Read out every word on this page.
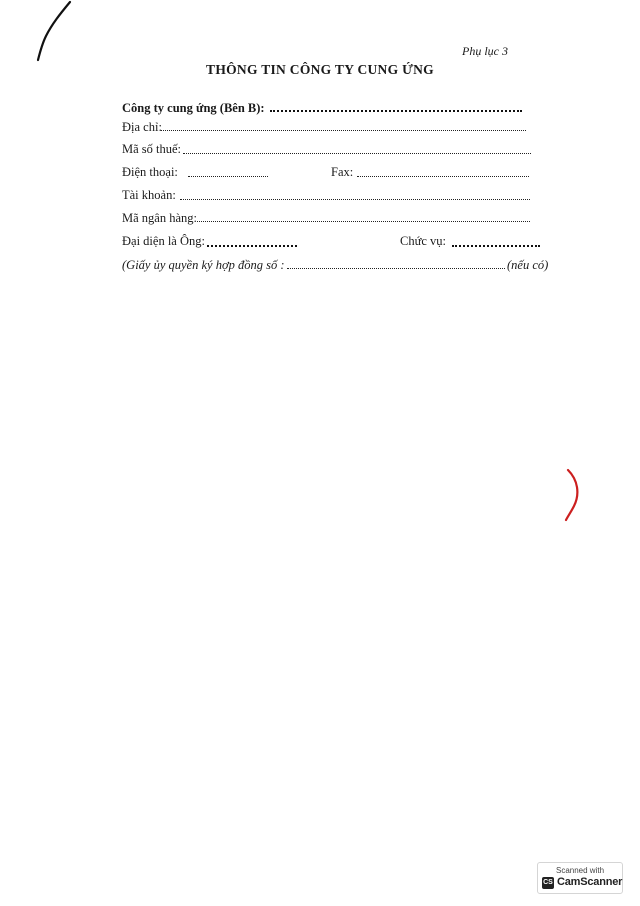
Phụ lục 3
THÔNG TIN CÔNG TY CUNG ỨNG
Công ty cung ứng (Bên B):
Địa chỉ:
Mã số thuế:
Điện thoại:	Fax:
Tài khoản:
Mã ngân hàng:
Đại diện là Ông:	Chức vụ:
(Giấy ủy quyền ký hợp đồng số :	(nếu có)
Scanned with
CS CamScanner
